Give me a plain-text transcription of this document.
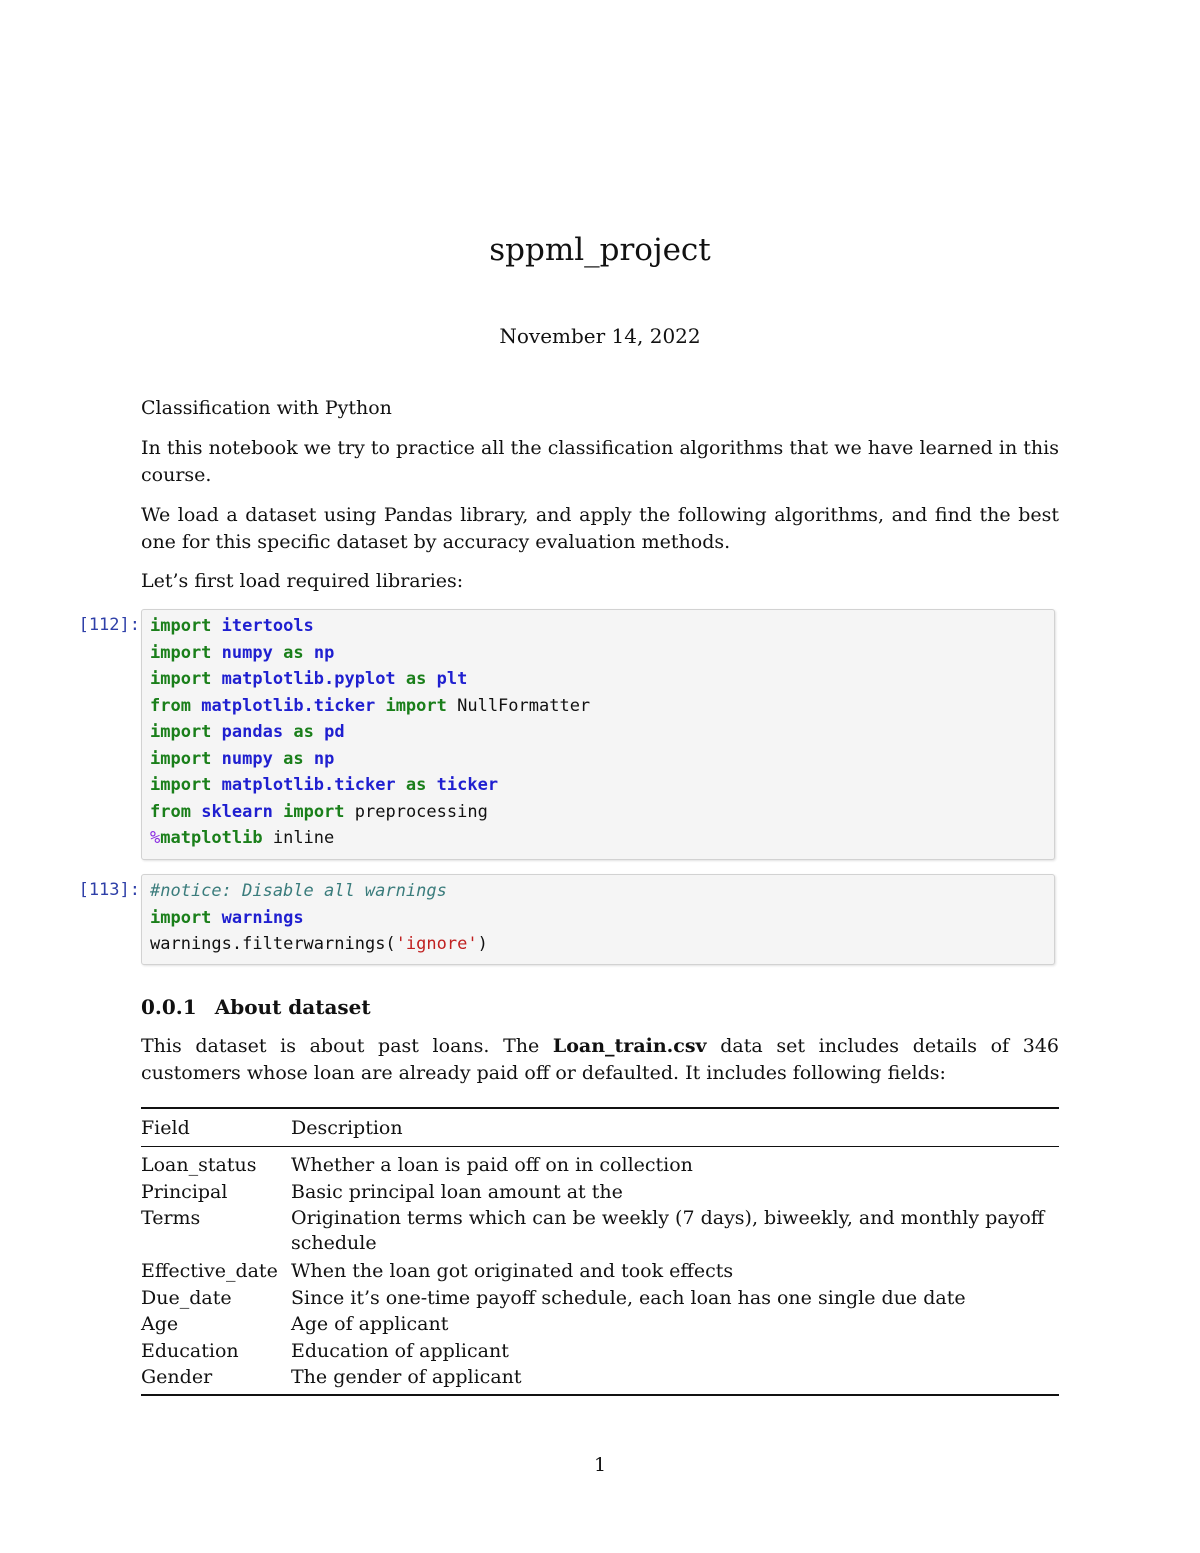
sppml_project
November 14, 2022

Classification with Python

In this notebook we try to practice all the classification algorithms that we have learned in this course.

We load a dataset using Pandas library, and apply the following algorithms, and find the best one for this specific dataset by accuracy evaluation methods.

Let’s first load required libraries:

[112]: import itertools
import numpy as np
import matplotlib.pyplot as plt
from matplotlib.ticker import NullFormatter
import pandas as pd
import numpy as np
import matplotlib.ticker as ticker
from sklearn import preprocessing
%matplotlib inline
[113]: #notice: Disable all warnings
import warnings
warnings.filterwarnings('ignore')
0.0.1 About dataset

This dataset is about past loans. The Loan_train.csv data set includes details of 346 customers whose loan are already paid off or defaulted. It includes following fields:

Field	Description
Loan_status	Whether a loan is paid off on in collection
Principal	Basic principal loan amount at the
Terms	Origination terms which can be weekly (7 days), biweekly, and monthly payoff schedule
Effective_date When the loan got originated and took effects
Due_date	Since it’s one-time payoff schedule, each loan has one single due date
Age	Age of applicant
Education	Education of applicant
Gender	The gender of applicant
1
